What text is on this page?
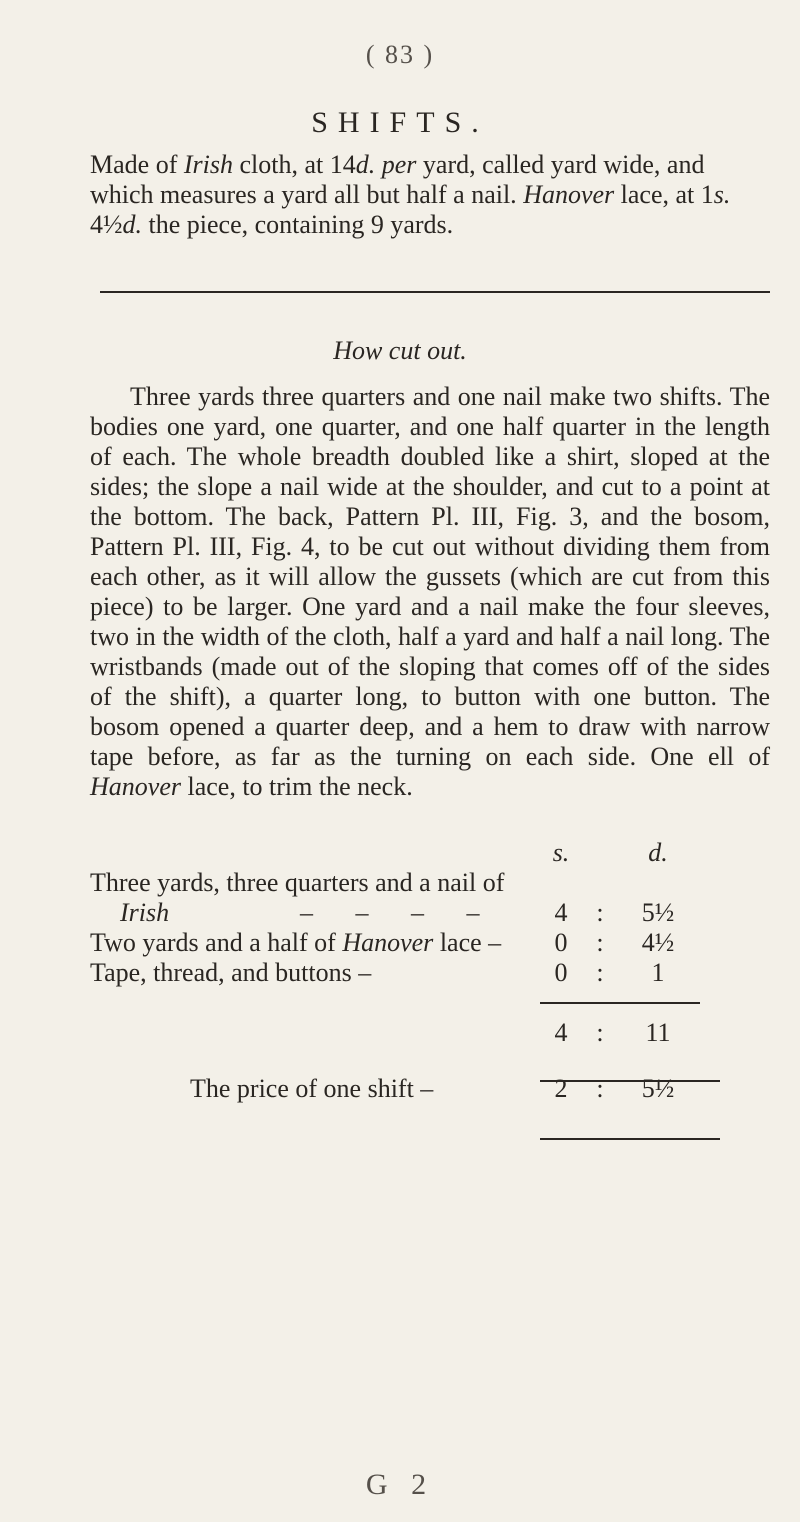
( 83 )
SHIFTS.

Made of Irish cloth, at 14d. per yard, called yard wide, and which measures a yard all but half a nail. Hanover lace, at 1s. 4½d. the piece, containing 9 yards.

How cut out.

Three yards three quarters and one nail make two shifts. The bodies one yard, one quarter, and one half quarter in the length of each. The whole breadth doubled like a shirt, sloped at the sides; the slope a nail wide at the shoulder, and cut to a point at the bottom. The back, Pattern Pl. III, Fig. 3, and the bosom, Pattern Pl. III, Fig. 4, to be cut out without dividing them from each other, as it will allow the gussets (which are cut from this piece) to be larger. One yard and a nail make the four sleeves, two in the width of the cloth, half a yard and half a nail long. The wristbands (made out of the sloping that comes off of the sides of the shift), a quarter long, to button with one button. The bosom opened a quarter deep, and a hem to draw with narrow tape before, as far as the turning on each side. One ell of Hanover lace, to trim the neck.

s.	d.
Three yards, three quarters and a nail of
Irish	– – – –	4	: 5½
Two yards and a half of Hanover lace –	0	: 4½
Tape, thread, and buttons –	0	:	1
4	: 11
The price of one shift –	2	: 5½
G 2
